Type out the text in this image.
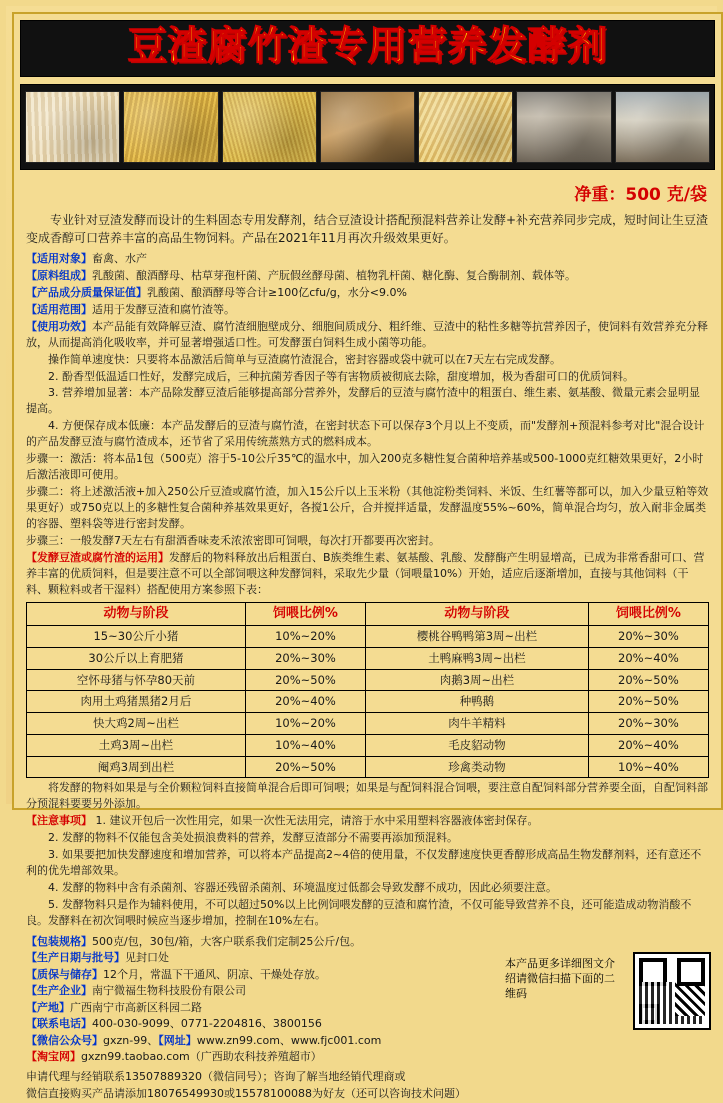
豆渣腐竹渣专用营养发酵剂
净重：500 克/袋
专业针对豆渣发酵而设计的生料固态专用发酵剂，结合豆渣设计搭配预混料营养让发酵+补充营养同步完成，短时间让生豆渣变成香醇可口营养丰富的高品生物饲料。产品在2021年11月再次升级效果更好。
【适用对象】畜禽、水产
【原料组成】乳酸菌、酿酒酵母、枯草芽孢杆菌、产朊假丝酵母菌、植物乳杆菌、糖化酶、复合酶制剂、载体等。
【产品成分质量保证值】乳酸菌、酿酒酵母等合计≥100亿cfu/g，水分<9.0%
【适用范围】适用于发酵豆渣和腐竹渣等。
【使用功效】本产品能有效降解豆渣、腐竹渣细胞壁成分、细胞间质成分、粗纤维、豆渣中的粘性多糖等抗营养因子，使饲料有效营养充分释放，从而提高消化吸收率，并可显著增强适口性。可发酵蛋白饲料生成小菌等功能。
操作简单速度快：只要将本品激活后简单与豆渣腐竹渣混合，密封容器或袋中就可以在7天左右完成发酵。
2. 酚香型低温适口性好，发酵完成后，三种抗菌芳香因子等有害物质被彻底去除，甜度增加，极为香甜可口的优质饲料。
3. 营养增加显著：本产品除发酵豆渣后能够提高部分营养外，发酵后的豆渣与腐竹渣中的粗蛋白、维生素、氨基酸、微量元素会显明显提高。
4. 方便保存成本低廉：本产品发酵后的豆渣与腐竹渣，在密封状态下可以保存3个月以上不变质，而"发酵剂+预混料参考对比"混合设计的产品发酵豆渣与腐竹渣成本，还节省了采用传统蒸熟方式的燃料成本。
步骤一：激活：将本品1包（500克）溶于5-10公斤35℃的温水中，加入200克多糖性复合菌种培养基或500-1000克红糖效果更好，2小时后激活液即可使用。
步骤二：将上述激活液+加入250公斤豆渣或腐竹渣，加入15公斤以上玉米粉（其他淀粉类饲料、米饭、生红薯等都可以，加入少量豆粕等效果更好）或750克以上的多糖性复合菌种养基效果更好，各搅1公斤，合并搅拌适量，发酵温度55%~60%，简单混合均匀，放入耐非金属类的容器、塑料袋等进行密封发酵。
步骤三：一般发酵7天左右有甜酒香味麦禾浓浓密即可饲喂，每次打开都要再次密封。
【发酵豆渣或腐竹渣的运用】发酵后的物料释放出后粗蛋白、B族类维生素、氨基酸、乳酸、发酵酶产生明显增高，已成为非常香甜可口、营养丰富的优质饲料，但是要注意不可以全部饲喂这种发酵饲料，采取先少量（饲喂量10%）开始，适应后逐渐增加，直接与其他饲料（干料、颗粒料或者干湿料）搭配使用方案参照下表：
动物与阶段	饲喂比例%	动物与阶段	饲喂比例%
15~30公斤小猪	10%~20%	樱桃谷鸭鸭第3周~出栏	20%~30%
30公斤以上育肥猪	20%~30%	土鸭麻鸭3周~出栏	20%~40%
空怀母猪与怀孕80天前	20%~50%	肉鹅3周~出栏	20%~50%
肉用土鸡猪黑猪2月后	20%~40%	种鸭鹅	20%~50%
快大鸡2周~出栏	10%~20%	肉牛羊精料	20%~30%
土鸡3周~出栏	10%~40%	毛皮貂动物	20%~40%
阉鸡3周到出栏	20%~50%	珍禽类动物	10%~40%
将发酵的物料如果是与全价颗粒饲料直接简单混合后即可饲喂；如果是与配饲料混合饲喂，要注意自配饲料部分营养要全面，自配饲料部分预混料要要另外添加。
【注意事项】 1. 建议开包后一次性用完，如果一次性无法用完，请溶于水中采用塑料容器液体密封保存。
2. 发酵的物料不仅能包含美处损浪费料的营养，发酵豆渣部分不需要再添加预混料。
3. 如果要把加快发酵速度和增加营养，可以将本产品提高2~4倍的使用量，不仅发酵速度快更香醇形成高品生物发酵剂料，还有意还不利的优先增部效果。
4. 发酵的物料中含有杀菌剂、容器还残留杀菌剂、环境温度过低都会导致发酵不成功，因此必须要注意。
5. 发酵物料只是作为辅料使用，不可以超过50%以上比例饲喂发酵的豆渣和腐竹渣，不仅可能导致营养不良，还可能造成动物消酸不良。发酵料在初次饲喂时候应当逐步增加，控制在10%左右。
【包装规格】500克/包，30包/箱，大客户联系我们定制25公斤/包。
【生产日期与批号】见封口处
【质保与储存】12个月，常温下干通风、阴凉、干燥处存放。
【生产企业】南宁微福生物科技股份有限公司
【产地】广西南宁市高新区科园二路
【联系电话】400-030-9099、0771-2204816、3800156
【微信公众号】gxzn-99、【网址】www.zn99.com、www.fjc001.com
【淘宝网】gxzn99.taobao.com（广西助农科技养殖超市）
本产品更多详细图文介绍请微信扫描下面的二维码
申请代理与经销联系13507889320（微信同号）；咨询了解当地经销代理商或
微信直接购买产品请添加18076549930或15578100088为好友（还可以咨询技术问题）
